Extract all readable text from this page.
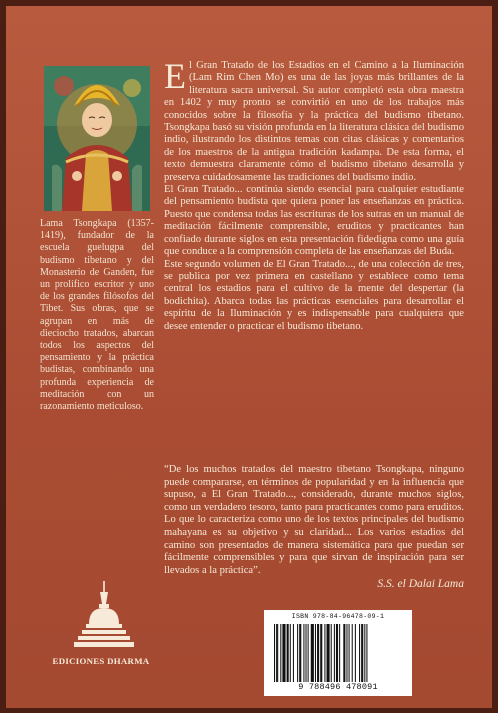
Lama Tsongkapa (1357-1419), fundador de la escuela guelugpa del budismo tibetano y del Monasterio de Ganden, fue un prolífico escritor y uno de los grandes filósofos del Tibet. Sus obras, que se agrupan en más de dieciocho tratados, abarcan todos los aspectos del pensamiento y la práctica budistas, combinando una profunda experiencia de meditación con un razonamiento meticuloso.

El Gran Tratado de los Estadios en el Camino a la Iluminación (Lam Rim Chen Mo) es una de las joyas más brillantes de la literatura sacra universal. Su autor completó esta obra maestra en 1402 y muy pronto se convirtió en uno de los trabajos más conocidos sobre la filosofía y la práctica del budismo tibetano. Tsongkapa basó su visión profunda en la literatura clásica del budismo indio, ilustrando los distintos temas con citas clásicas y comentarios de los maestros de la antigua tradición kadampa. De esta forma, el texto demuestra claramente cómo el budismo tibetano desarrolla y preserva cuidadosamente las tradiciones del budismo indio.

El Gran Tratado... continúa siendo esencial para cualquier estudiante del pensamiento budista que quiera poner las enseñanzas en práctica. Puesto que condensa todas las escrituras de los sutras en un manual de meditación fácilmente comprensible, eruditos y practicantes han confiado durante siglos en esta presentación fidedigna como una guía que conduce a la comprensión completa de las enseñanzas del Buda.

Este segundo volumen de El Gran Tratado..., de una colección de tres, se publica por vez primera en castellano y establece como tema central los estadios para el cultivo de la mente del despertar (la bodichita). Abarca todas las prácticas esenciales para desarrollar el espíritu de la Iluminación y es indispensable para cualquiera que desee entender o practicar el budismo tibetano.

“De los muchos tratados del maestro tibetano Tsongkapa, ninguno puede compararse, en términos de popularidad y en la influencia que supuso, a El Gran Tratado..., considerado, durante muchos siglos, como un verdadero tesoro, tanto para practicantes como para eruditos. Lo que lo caracteriza como uno de los textos principales del budismo mahayana es su objetivo y su claridad... Los varios estadios del camino son presentados de manera sistemática para que puedan ser fácilmente comprensibles y para que sirvan de inspiración para ser llevados a la práctica”.
S.S. el Dalai Lama
EDICIONES DHARMA
ISBN 978-84-96478-09-1
9 788496 478091
